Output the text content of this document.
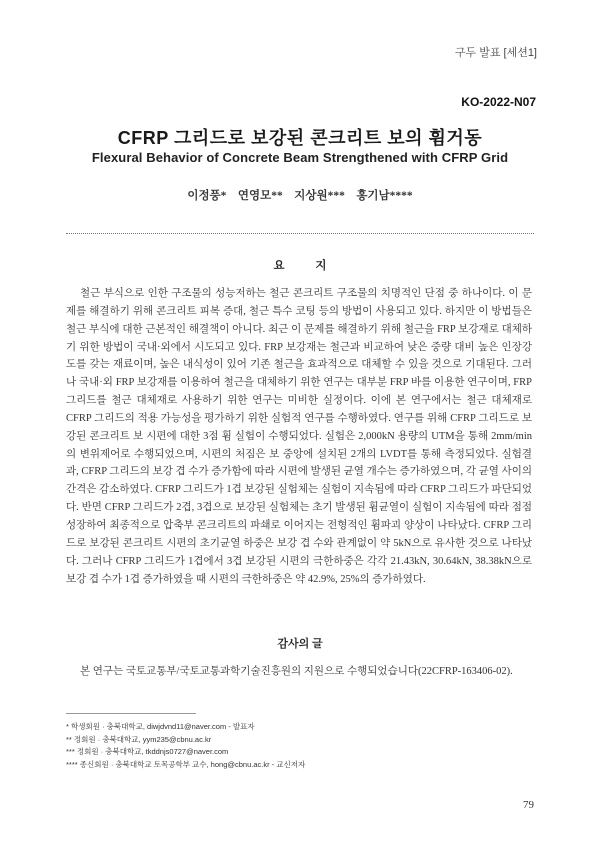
구두 발표 [세션1]
KO-2022-N07
CFRP 그리드로 보강된 콘크리트 보의 휨거동
Flexural Behavior of Concrete Beam Strengthened with CFRP Grid
이정풍*　연영모**　지상원***　홍기남****
요 지

철근 부식으로 인한 구조물의 성능저하는 철근 콘크리트 구조물의 치명적인 단점 중 하나이다. 이 문제를 해결하기 위해 콘크리트 피복 증대, 철근 특수 코팅 등의 방법이 사용되고 있다. 하지만 이 방법들은 철근 부식에 대한 근본적인 해결책이 아니다. 최근 이 문제를 해결하기 위해 철근을 FRP 보강재로 대체하기 위한 방법이 국내·외에서 시도되고 있다. FRP 보강재는 철근과 비교하여 낮은 중량 대비 높은 인장강도를 갖는 재료이며, 높은 내식성이 있어 기존 철근을 효과적으로 대체할 수 있을 것으로 기대된다. 그러나 국내·외 FRP 보강재를 이용하여 철근을 대체하기 위한 연구는 대부분 FRP 바를 이용한 연구이며, FRP 그리드를 철근 대체재로 사용하기 위한 연구는 미비한 실정이다. 이에 본 연구에서는 철근 대체재로 CFRP 그리드의 적용 가능성을 평가하기 위한 실험적 연구를 수행하였다. 연구를 위해 CFRP 그리드로 보강된 콘크리트 보 시편에 대한 3점 휨 실험이 수행되었다. 실험은 2,000kN 용량의 UTM을 통해 2mm/min의 변위제어로 수행되었으며, 시편의 처짐은 보 중앙에 설치된 2개의 LVDT를 통해 측정되었다. 실험결과, CFRP 그리드의 보강 겹 수가 증가함에 따라 시편에 발생된 균열 개수는 증가하였으며, 각 균열 사이의 간격은 감소하였다. CFRP 그리드가 1겹 보강된 실험체는 실험이 지속됨에 따라 CFRP 그리드가 파단되었다. 반면 CFRP 그리드가 2겹, 3겹으로 보강된 실험체는 초기 발생된 휨균열이 실험이 지속됨에 따라 점점 성장하여 최종적으로 압축부 콘크리트의 파쇄로 이어지는 전형적인 휨파괴 양상이 나타났다. CFRP 그리드로 보강된 콘크리트 시편의 초기균열 하중은 보강 겹 수와 관계없이 약 5kN으로 유사한 것으로 나타났다. 그러나 CFRP 그리드가 1겹에서 3겹 보강된 시편의 극한하중은 각각 21.43kN, 30.64kN, 38.38kN으로 보강 겹 수가 1겹 증가하였을 때 시편의 극한하중은 약 42.9%, 25%의 증가하였다.

감사의 글

본 연구는 국토교통부/국토교통과학기술진흥원의 지원으로 수행되었습니다(22CFRP-163406-02).

* 학생회원 · 충북대학교, diwjdvnd11@naver.com - 발표자
** 정회원 · 충북대학교, yym235@cbnu.ac.kr
*** 정회원 · 충북대학교, tkddnjs0727@naver.com
**** 종신회원 · 충북대학교 토목공학부 교수, hong@cbnu.ac.kr - 교신저자
79
